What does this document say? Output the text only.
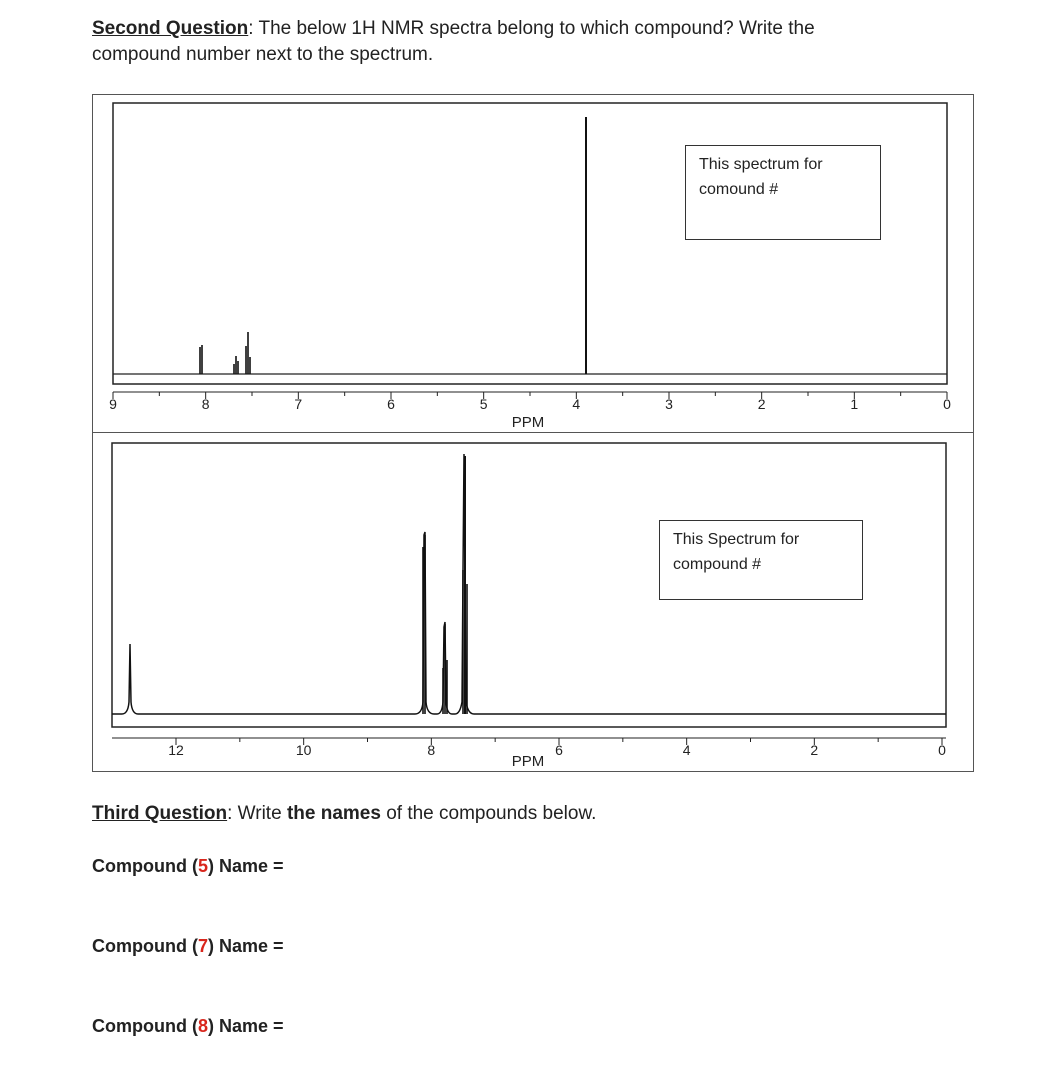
Second Question: The below 1H NMR spectra belong to which compound? Write the compound number next to the spectrum.
9	8	7	6	5	4	3	2	1	0
PPM
This spectrum for
comound #
12	10	8	6	4	2	0
PPM
This Spectrum for
compound #
Third Question: Write the names of the compounds below.
Compound (5) Name =
Compound (7) Name =
Compound (8) Name =
